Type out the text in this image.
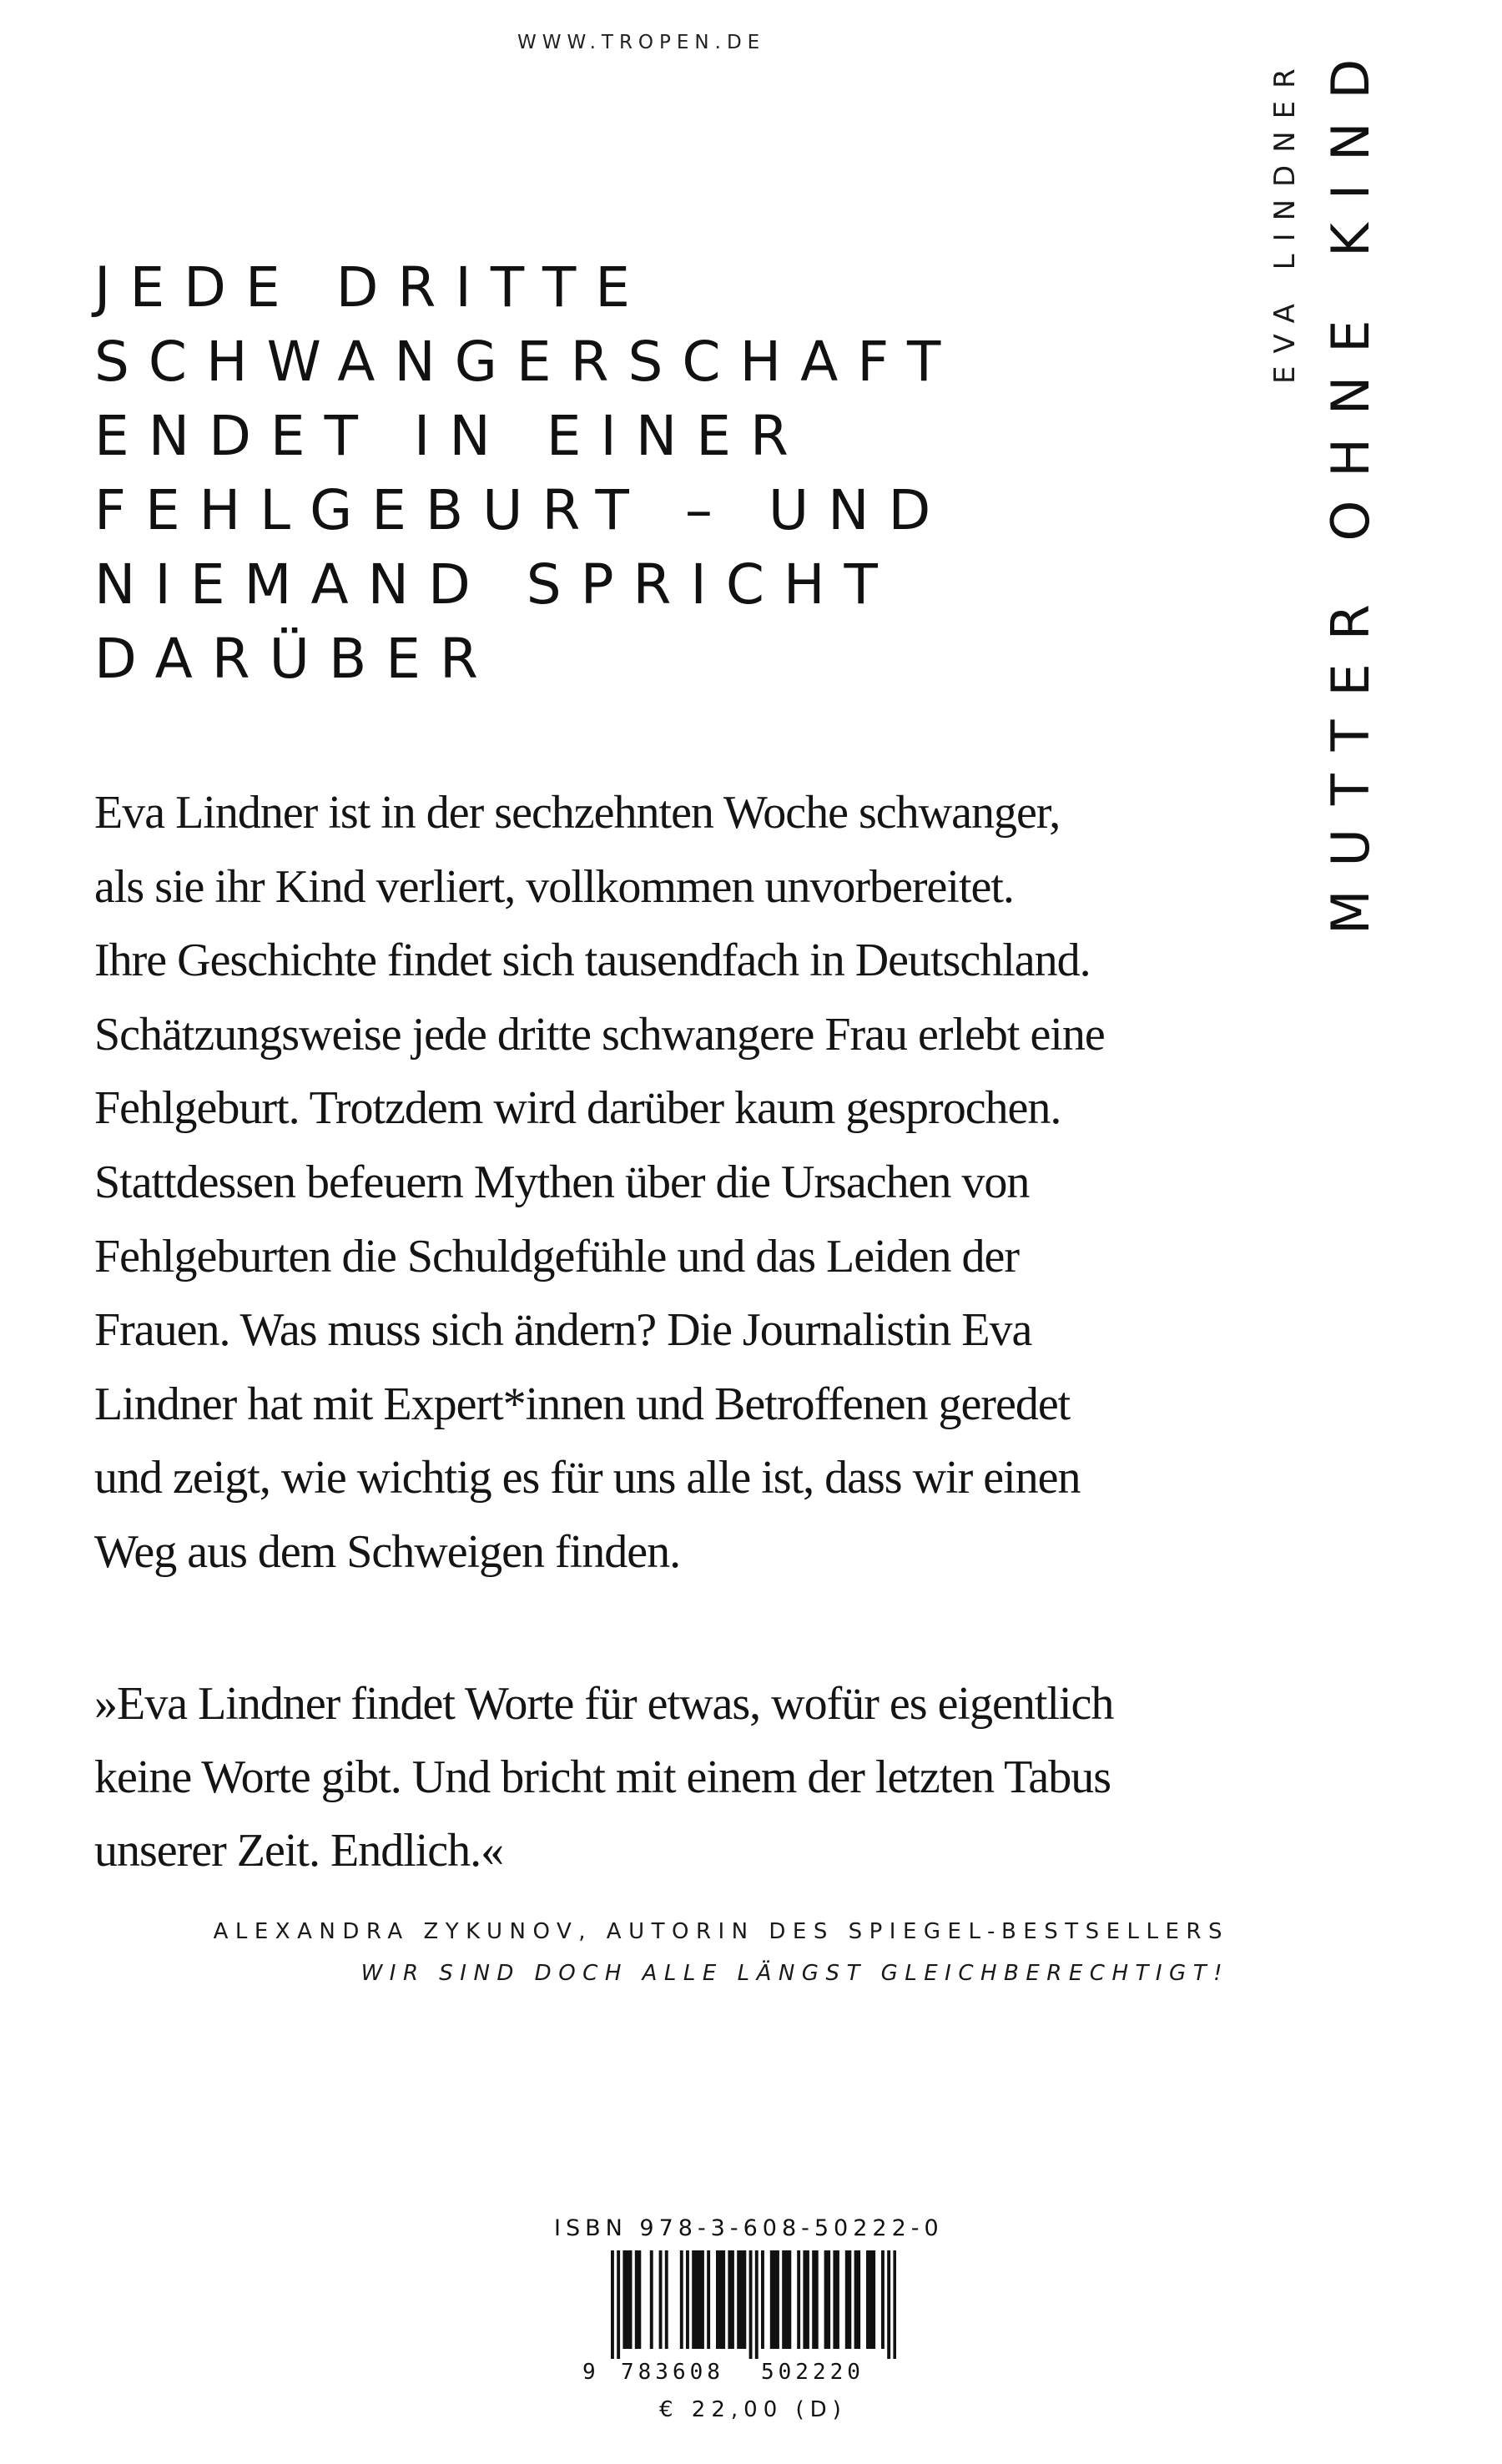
WWW.TROPEN.DE
EVA LINDNER MUTTER OHNE KIND
JEDE DRITTE
SCHWANGERSCHAFT
ENDET IN EINER
FEHLGEBURT – UND
NIEMAND SPRICHT
DARÜBER
Eva Lindner ist in der sechzehnten Woche schwanger,
als sie ihr Kind verliert, vollkommen unvorbereitet.
Ihre Geschichte findet sich tausendfach in Deutschland.
Schätzungsweise jede dritte schwangere Frau erlebt eine
Fehlgeburt. Trotzdem wird darüber kaum gesprochen.
Stattdessen befeuern Mythen über die Ursachen von
Fehlgeburten die Schuldgefühle und das Leiden der
Frauen. Was muss sich ändern? Die Journalistin Eva
Lindner hat mit Expert*innen und Betroffenen geredet
und zeigt, wie wichtig es für uns alle ist, dass wir einen
Weg aus dem Schweigen finden.
»Eva Lindner findet Worte für etwas, wofür es eigentlich
keine Worte gibt. Und bricht mit einem der letzten Tabus
unserer Zeit. Endlich.«
ALEXANDRA ZYKUNOV, AUTORIN DES SPIEGEL-BESTSELLERS
WIR SIND DOCH ALLE LÄNGST GLEICHBERECHTIGT!
ISBN 978-3-608-50222-0
9 783608 502220
€ 22,00 (D)
